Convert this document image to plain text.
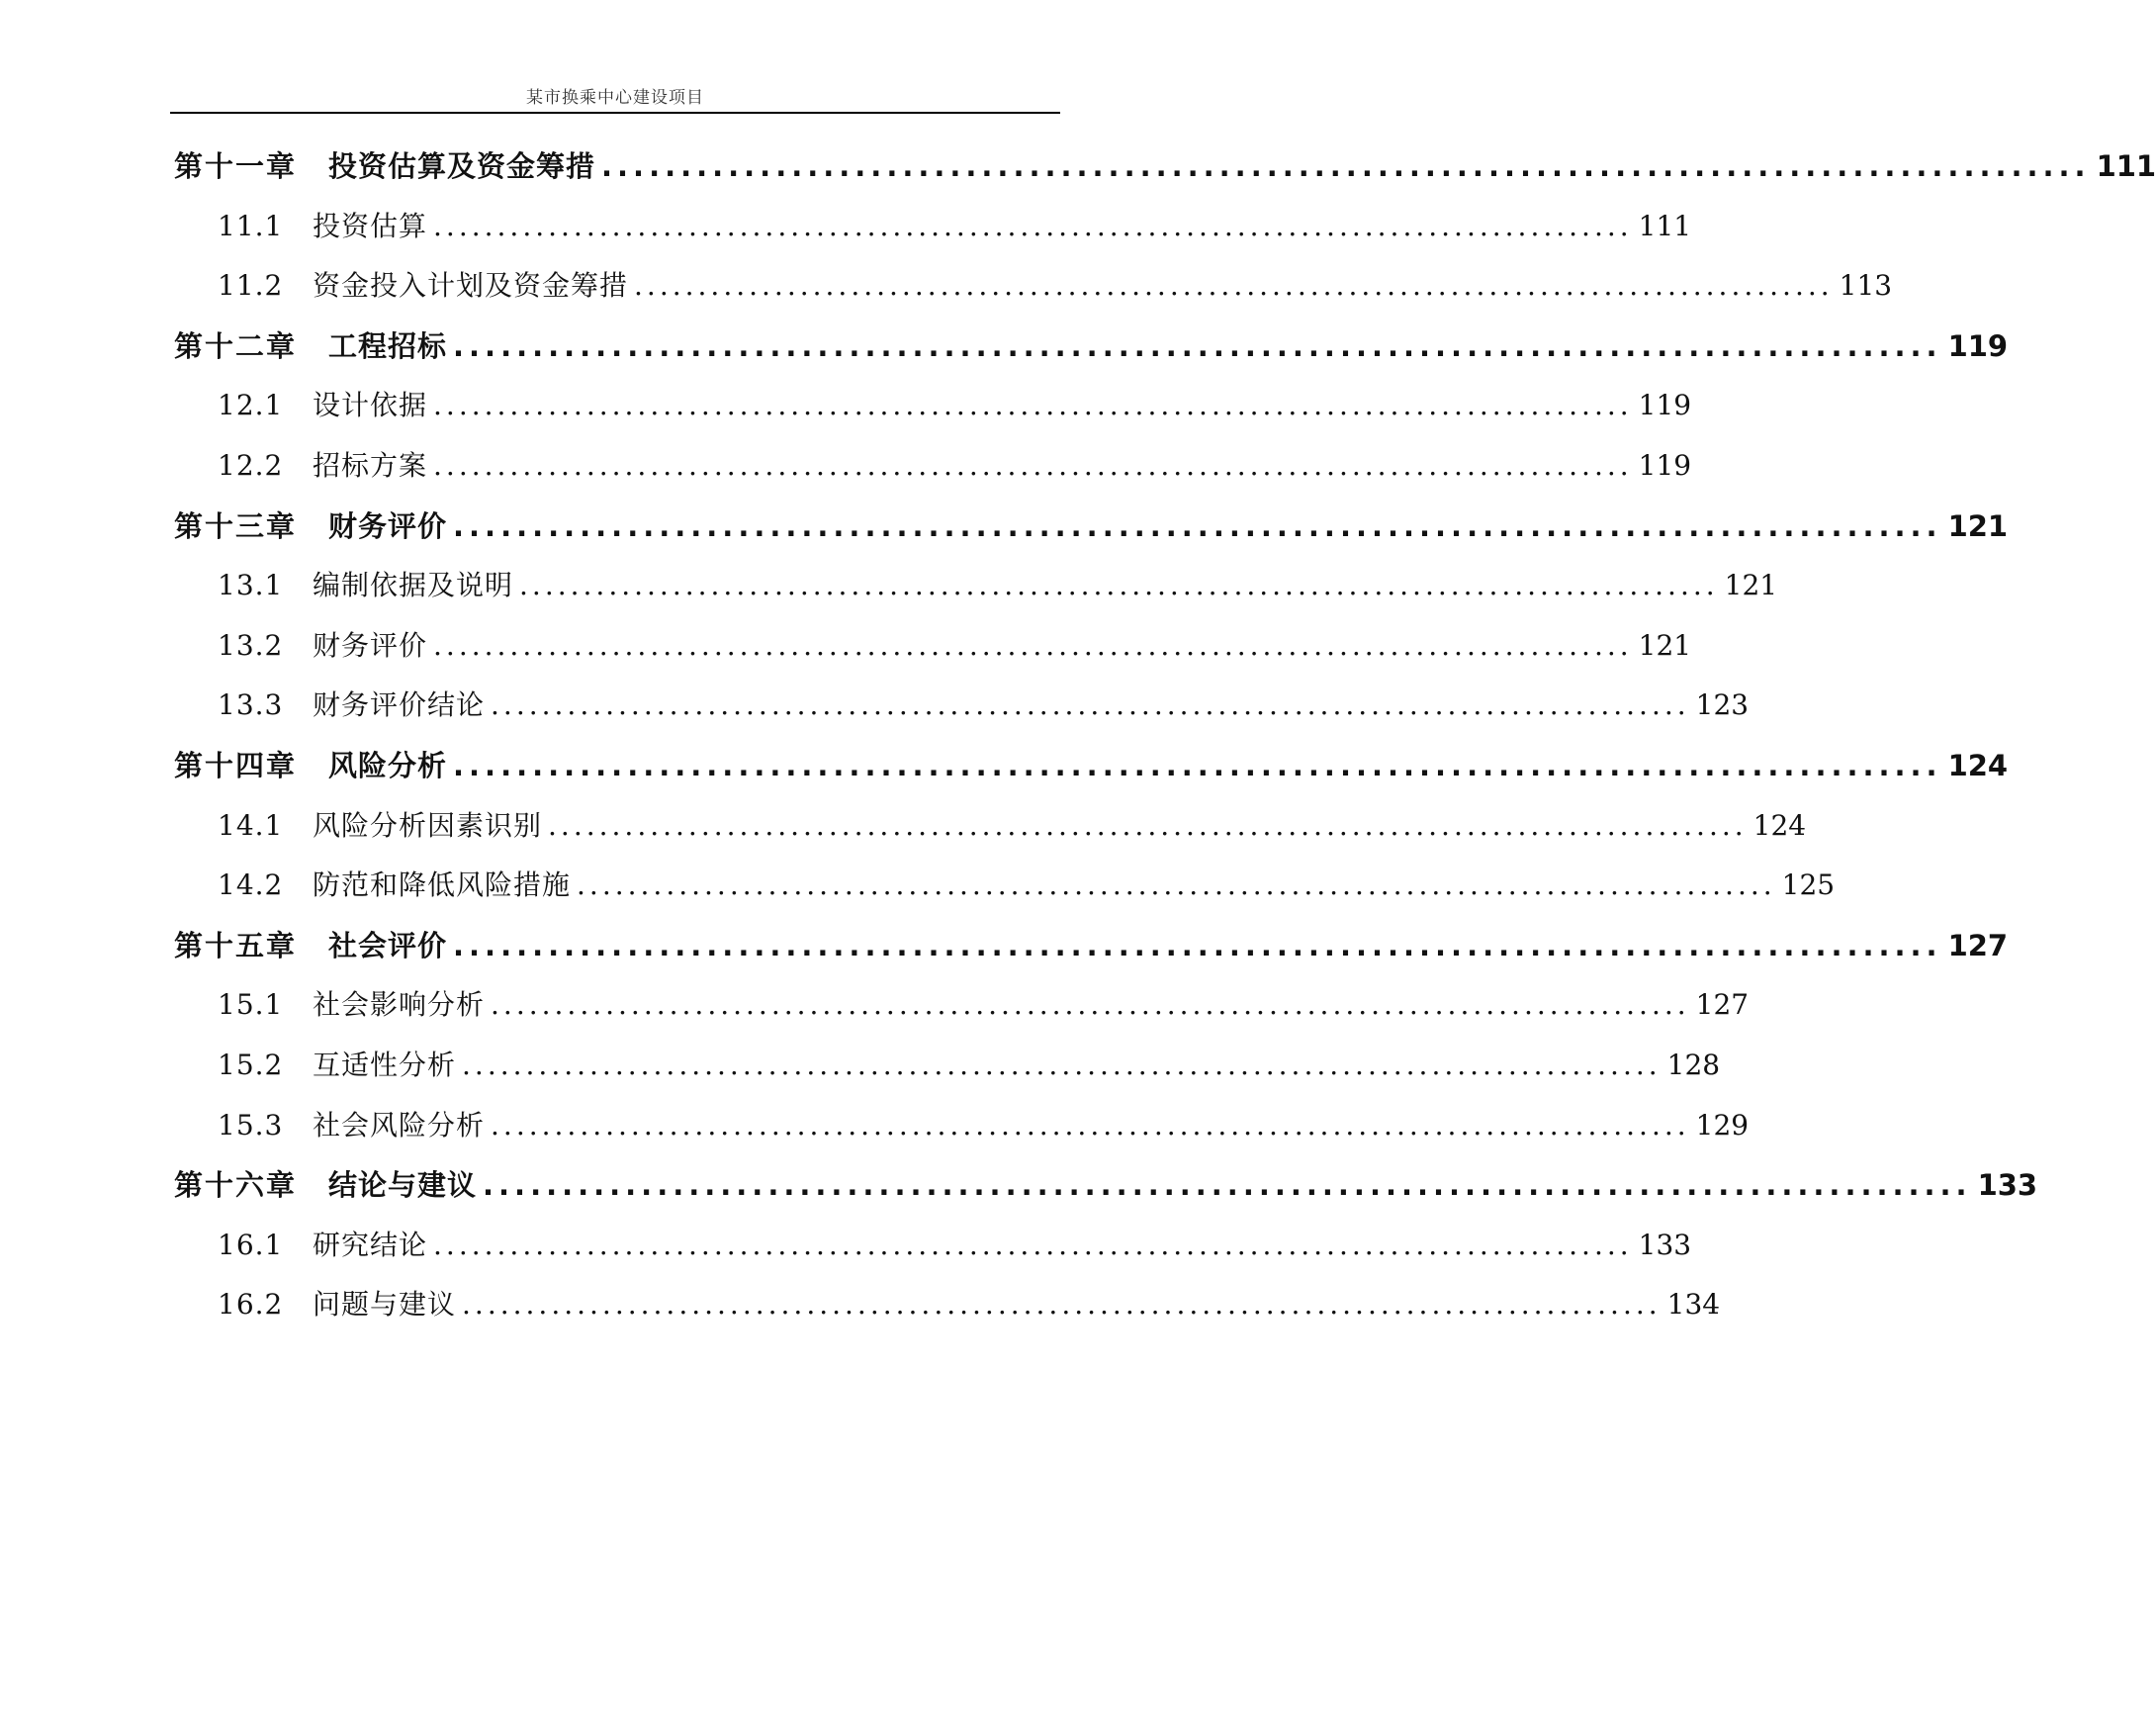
某市换乘中心建设项目
第十一章	投资估算及资金筹措 .............................................................................................. 111
11.1	投资估算 .............................................................................................. 111
11.2	资金投入计划及资金筹措 .............................................................................................. 113
第十二章	工程招标 .............................................................................................. 119
12.1	设计依据 .............................................................................................. 119
12.2	招标方案 .............................................................................................. 119
第十三章	财务评价 .............................................................................................. 121
13.1	编制依据及说明 .............................................................................................. 121
13.2	财务评价 .............................................................................................. 121
13.3	财务评价结论 .............................................................................................. 123
第十四章	风险分析 .............................................................................................. 124
14.1	风险分析因素识别 .............................................................................................. 124
14.2	防范和降低风险措施 .............................................................................................. 125
第十五章	社会评价 .............................................................................................. 127
15.1	社会影响分析 .............................................................................................. 127
15.2	互适性分析 .............................................................................................. 128
15.3	社会风险分析 .............................................................................................. 129
第十六章	结论与建议 .............................................................................................. 133
16.1	研究结论 .............................................................................................. 133
16.2	问题与建议 .............................................................................................. 134
